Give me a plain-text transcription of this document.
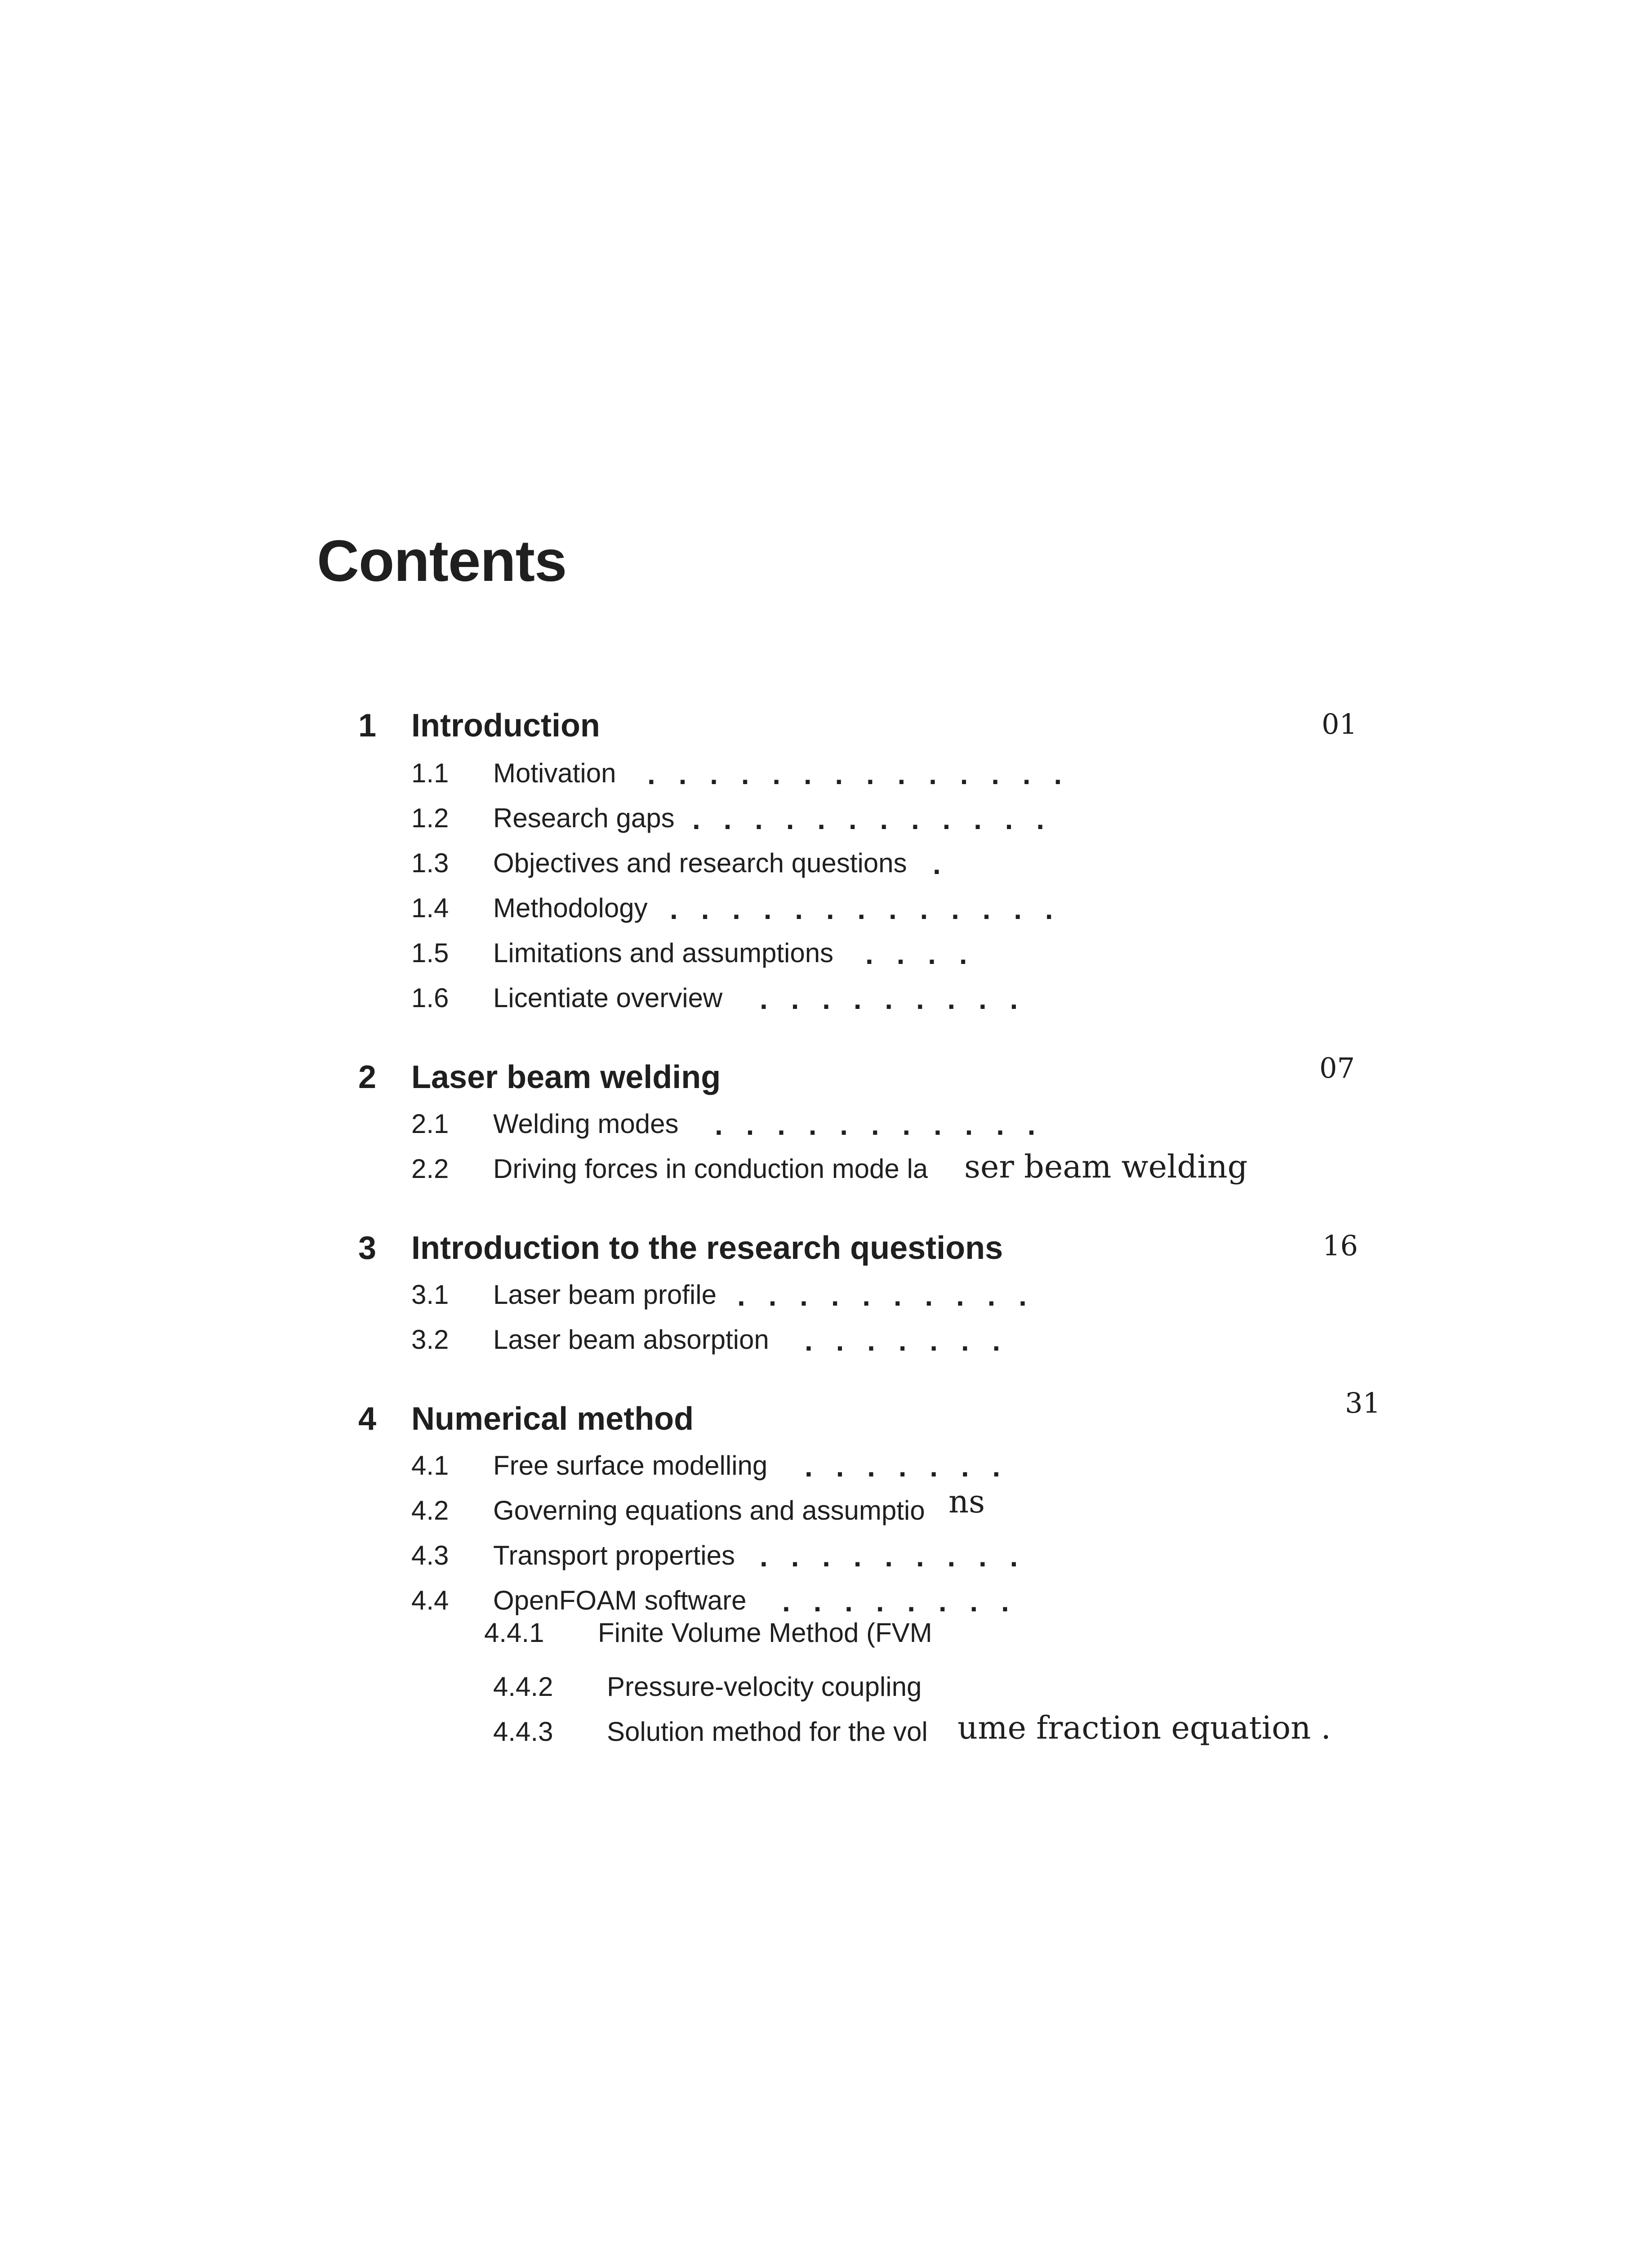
Contents
1 Introduction	01
1.1 Motivation . . . . . . . . . . . . . .
1.2 Research gaps . . . . . . . . . . . .
1.3 Objectives and research questions .
1.4 Methodology . . . . . . . . . . . . .
1.5 Limitations and assumptions . . . .
1.6 Licentiate overview . . . . . . . . .
2 Laser beam welding	07
2.1 Welding modes . . . . . . . . . . .
2.2 Driving forces in conduction mode la ser beam welding
3 Introduction to the research questions	16
3.1 Laser beam profile . . . . . . . . . .
3.2 Laser beam absorption . . . . . . .
4 Numerical method	31
4.1 Free surface modelling . . . . . . .
4.2 Governing equations and assumptio ns
4.3 Transport properties . . . . . . . . .
4.4 OpenFOAM software . . . . . . . .
4.4.1 Finite Volume Method (FVM
4.4.2 Pressure-velocity coupling
4.4.3 Solution method for the vol ume fraction equation .
